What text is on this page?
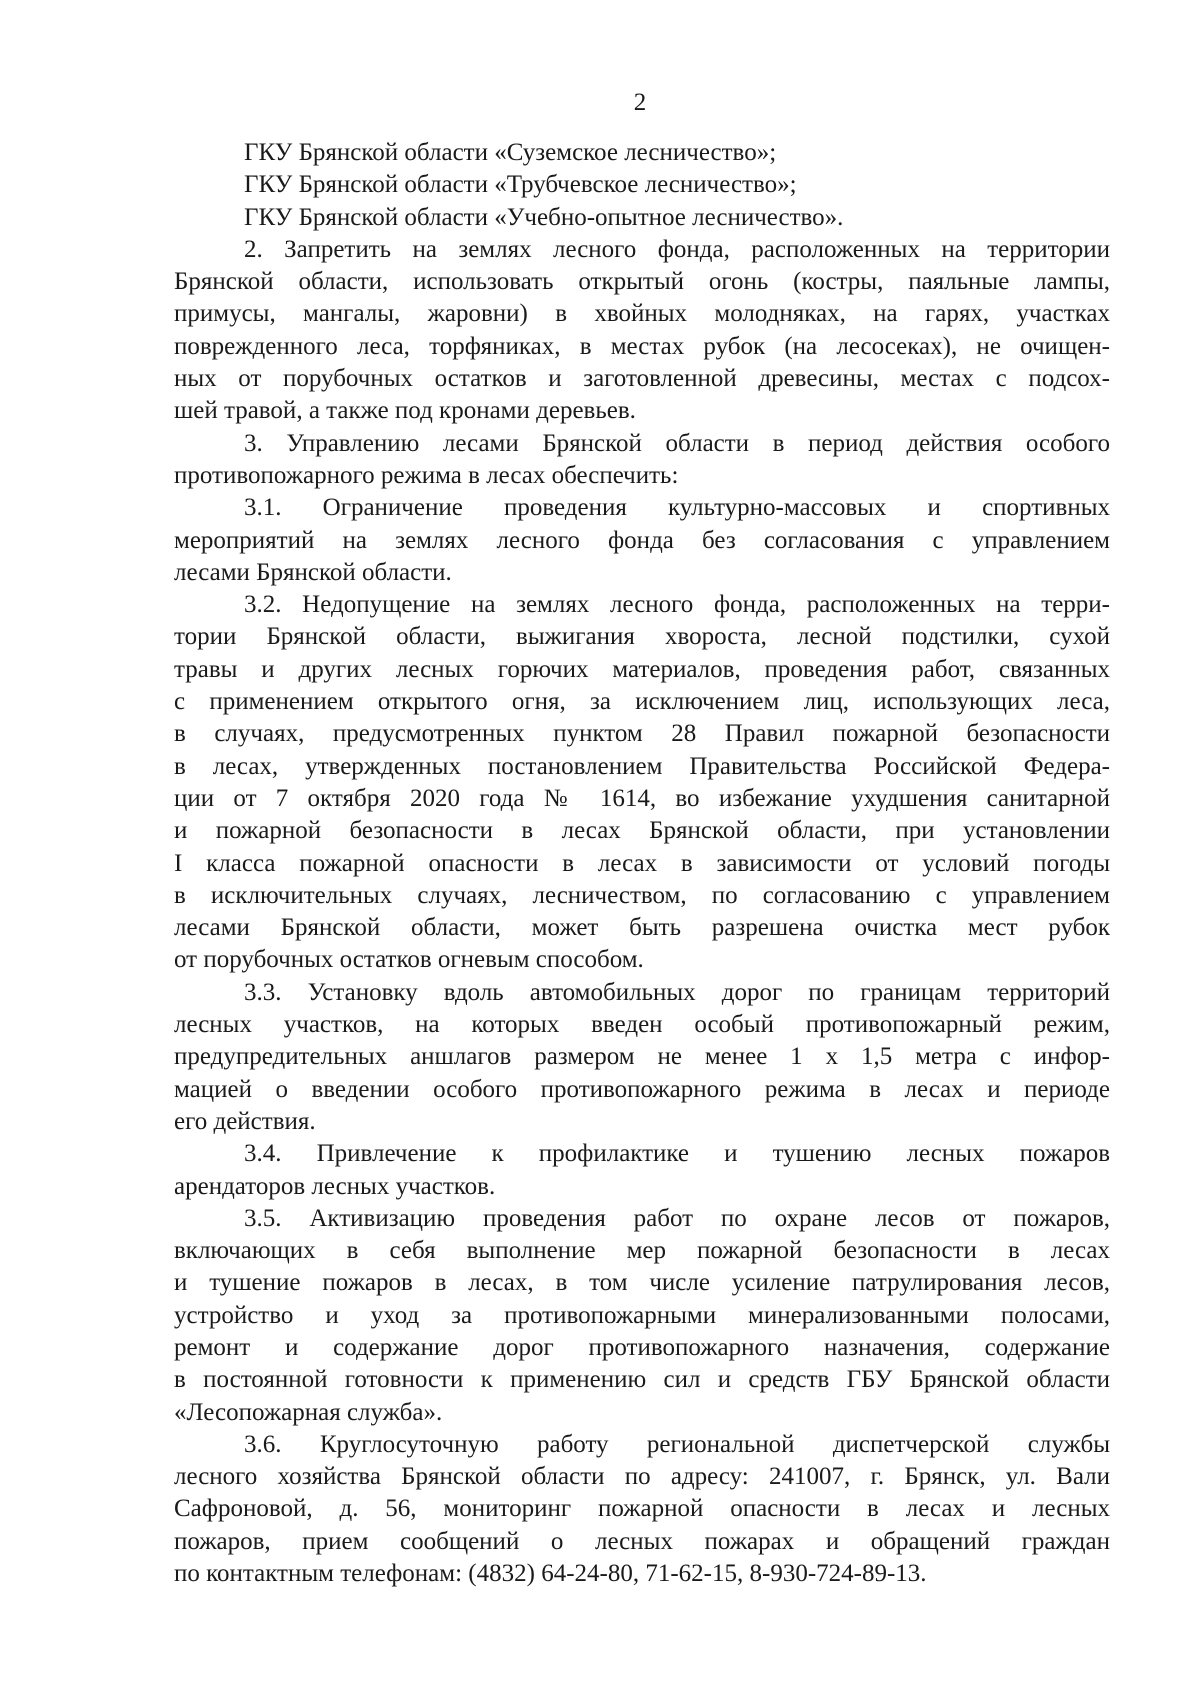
2
ГКУ Брянской области «Суземское лесничество»;
ГКУ Брянской области «Трубчевское лесничество»;
ГКУ Брянской области «Учебно-опытное лесничество».
2. Запретить на землях лесного фонда, расположенных на территории
Брянской области, использовать открытый огонь (костры, паяльные лампы,
примусы, мангалы, жаровни) в хвойных молодняках, на гарях, участках
поврежденного леса, торфяниках, в местах рубок (на лесосеках), не очищен-
ных от порубочных остатков и заготовленной древесины, местах с подсох-
шей травой, а также под кронами деревьев.
3. Управлению лесами Брянской области в период действия особого
противопожарного режима в лесах обеспечить:
3.1. Ограничение проведения культурно-массовых и спортивных
мероприятий на землях лесного фонда без согласования с управлением
лесами Брянской области.
3.2. Недопущение на землях лесного фонда, расположенных на терри-
тории Брянской области, выжигания хвороста, лесной подстилки, сухой
травы и других лесных горючих материалов, проведения работ, связанных
с применением открытого огня, за исключением лиц, использующих леса,
в случаях, предусмотренных пунктом 28 Правил пожарной безопасности
в лесах, утвержденных постановлением Правительства Российской Федера-
ции от 7 октября 2020 года № 1614, во избежание ухудшения санитарной
и пожарной безопасности в лесах Брянской области, при установлении
I класса пожарной опасности в лесах в зависимости от условий погоды
в исключительных случаях, лесничеством, по согласованию с управлением
лесами Брянской области, может быть разрешена очистка мест рубок
от порубочных остатков огневым способом.
3.3. Установку вдоль автомобильных дорог по границам территорий
лесных участков, на которых введен особый противопожарный режим,
предупредительных аншлагов размером не менее 1 х 1,5 метра с инфор-
мацией о введении особого противопожарного режима в лесах и периоде
его действия.
3.4. Привлечение к профилактике и тушению лесных пожаров
арендаторов лесных участков.
3.5. Активизацию проведения работ по охране лесов от пожаров,
включающих в себя выполнение мер пожарной безопасности в лесах
и тушение пожаров в лесах, в том числе усиление патрулирования лесов,
устройство и уход за противопожарными минерализованными полосами,
ремонт и содержание дорог противопожарного назначения, содержание
в постоянной готовности к применению сил и средств ГБУ Брянской области
«Лесопожарная служба».
3.6. Круглосуточную работу региональной диспетчерской службы
лесного хозяйства Брянской области по адресу: 241007, г. Брянск, ул. Вали
Сафроновой, д. 56, мониторинг пожарной опасности в лесах и лесных
пожаров, прием сообщений о лесных пожарах и обращений граждан
по контактным телефонам: (4832) 64-24-80, 71-62-15, 8-930-724-89-13.
